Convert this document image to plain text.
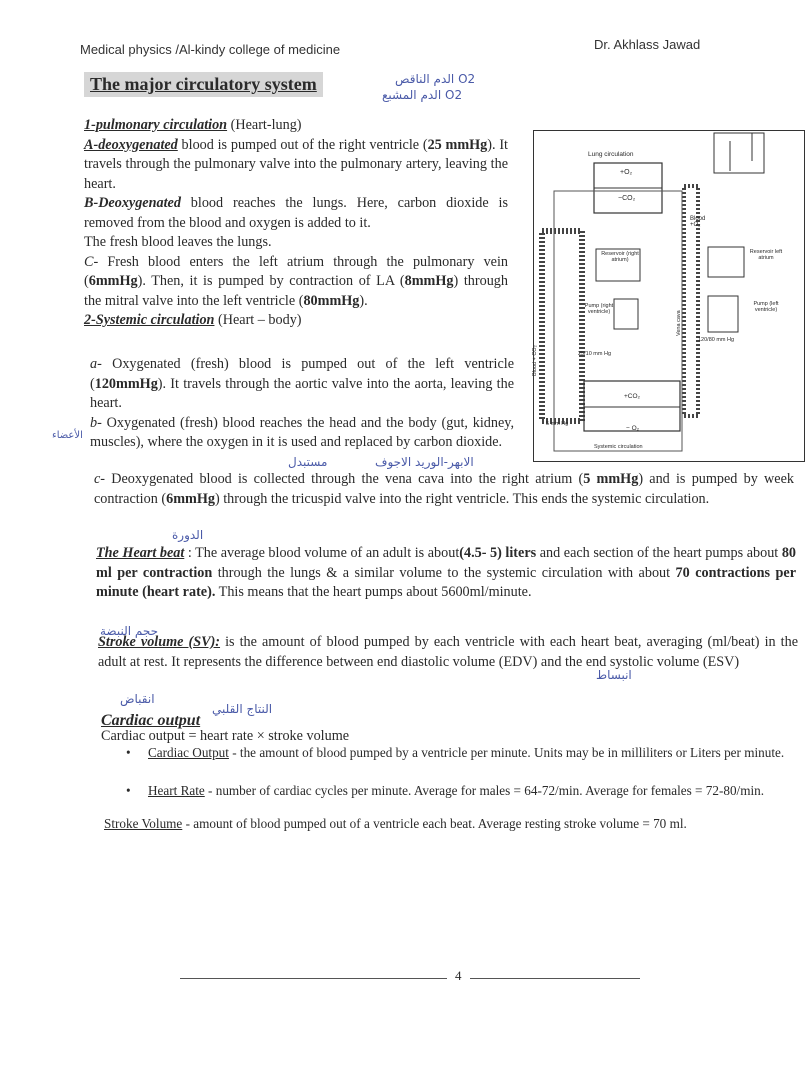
Medical physics /Al-kindy college of medicine	Dr. Akhlass Jawad
The major circulatory system	الدم الناقص O2
الدم المشبع O2
1-pulmonary circulation (Heart-lung)
A-deoxygenated blood is pumped out of the right ventricle (25 mmHg). It travels through the pulmonary valve into the pulmonary artery, leaving the heart.
B-Deoxygenated blood reaches the lungs. Here, carbon dioxide is removed from the blood and oxygen is added to it.
The fresh blood leaves the lungs.
C- Fresh blood enters the left atrium through the pulmonary vein (6mmHg). Then, it is pumped by contraction of LA (8mmHg) through the mitral valve into the left ventricle (80mmHg).
2-Systemic circulation (Heart – body)
a- Oxygenated (fresh) blood is pumped out of the left ventricle (120mmHg). It travels through the aortic valve into the aorta, leaving the heart.
b- Oxygenated (fresh) blood reaches the head and the body (gut, kidney, muscles), where the oxygen in it is used and replaced by carbon dioxide.
مستبدل	الابهر-الوريد الاجوف
الأعضاء
c- Deoxygenated blood is collected through the vena cava into the right atrium (5 mmHg) and is pumped by week contraction (6mmHg) through the tricuspid valve into the right ventricle. This ends the systemic circulation.
الدورة
The Heart beat : The average blood volume of an adult is about(4.5- 5) liters and each section of the heart pumps about 80 ml per contraction through the lungs & a similar volume to the systemic circulation with about 70 contractions per minute (heart rate). This means that the heart pumps about 5600ml/minute.
حجم النبضة
Stroke volume (SV): is the amount of blood pumped by each ventricle with each heart beat, averaging (ml/beat) in the adult at rest. It represents the difference between end diastolic volume (EDV) and the end systolic volume (ESV)
انبساط
انقباض
Cardiac output
النتاج القلبي
Cardiac output = heart rate × stroke volume
• Cardiac Output - the amount of blood pumped by a ventricle per minute. Units may be in milliliters or Liters per minute.
• Heart Rate - number of cardiac cycles per minute. Average for males = 64-72/min. Average for females = 72-80/min.
Stroke Volume - amount of blood pumped out of a ventricle each beat. Average resting stroke volume = 70 ml.
Lung circulation
+O₂
−CO₂
Blood +O₂
Reservoir (right atrium)
Reservoir left atrium
Pump (right ventricle)
Pump (left ventricle)
25/10 mm Hg
120/80 mm Hg
5 mm Hg
+CO₂
− O₂
Systemic circulation
Blood + CO₂
Vena cava
4
